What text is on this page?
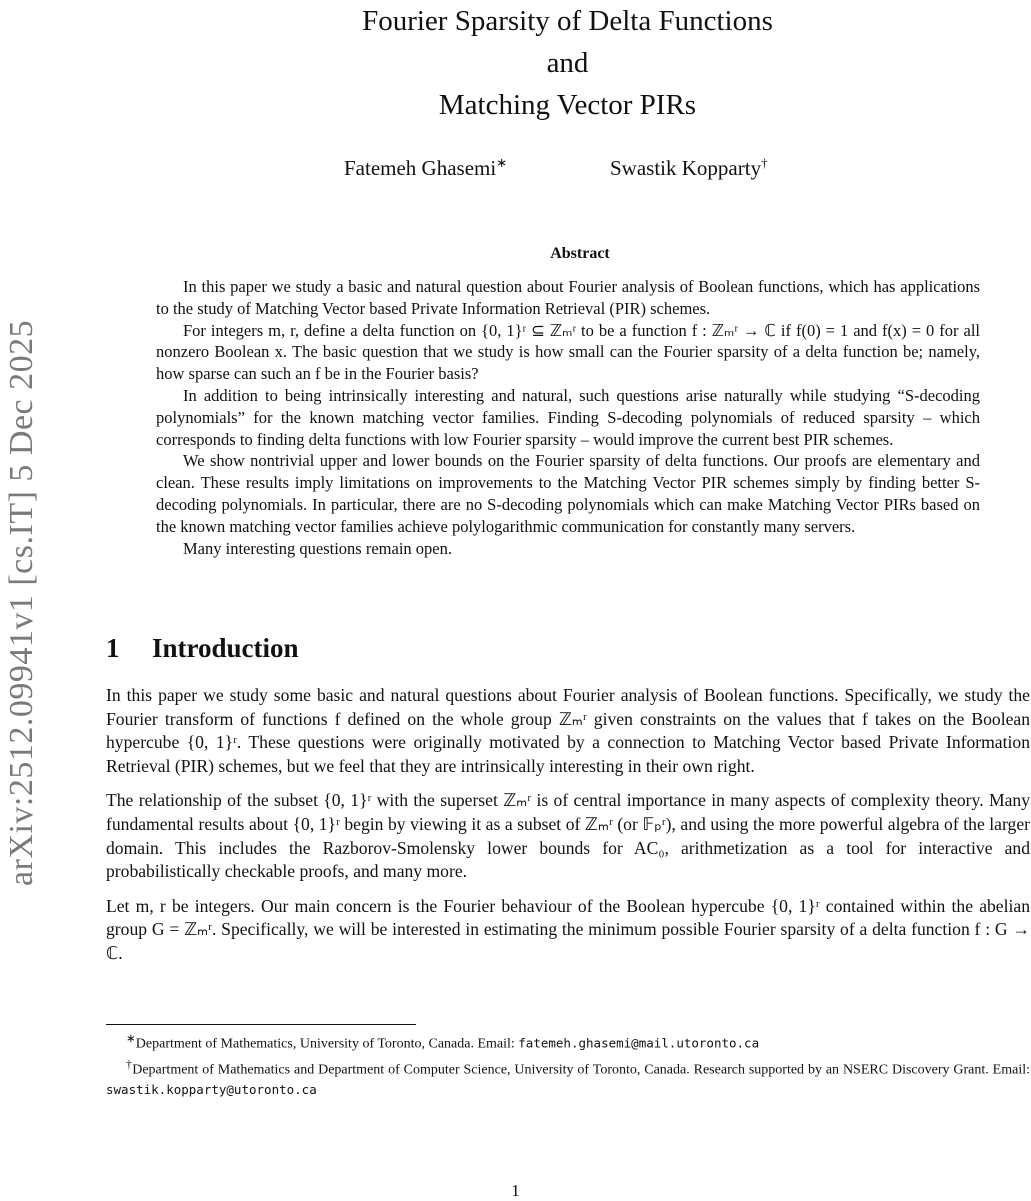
arXiv:2512.09941v1 [cs.IT] 5 Dec 2025
Fourier Sparsity of Delta Functions
and
Matching Vector PIRs
Fatemeh Ghasemi∗	Swastik Kopparty†
Abstract

In this paper we study a basic and natural question about Fourier analysis of Boolean functions, which has applications to the study of Matching Vector based Private Information Retrieval (PIR) schemes.

For integers m, r, define a delta function on {0, 1}ʳ ⊆ ℤₘʳ to be a function f : ℤₘʳ → ℂ if f(0) = 1 and f(x) = 0 for all nonzero Boolean x. The basic question that we study is how small can the Fourier sparsity of a delta function be; namely, how sparse can such an f be in the Fourier basis?

In addition to being intrinsically interesting and natural, such questions arise naturally while studying “S-decoding polynomials” for the known matching vector families. Finding S-decoding polynomials of reduced sparsity – which corresponds to finding delta functions with low Fourier sparsity – would improve the current best PIR schemes.

We show nontrivial upper and lower bounds on the Fourier sparsity of delta functions. Our proofs are elementary and clean. These results imply limitations on improvements to the Matching Vector PIR schemes simply by finding better S-decoding polynomials. In particular, there are no S-decoding polynomials which can make Matching Vector PIRs based on the known matching vector families achieve polylogarithmic communication for constantly many servers.

Many interesting questions remain open.

1 Introduction

In this paper we study some basic and natural questions about Fourier analysis of Boolean functions. Specifically, we study the Fourier transform of functions f defined on the whole group ℤₘʳ given constraints on the values that f takes on the Boolean hypercube {0, 1}ʳ. These questions were originally motivated by a connection to Matching Vector based Private Information Retrieval (PIR) schemes, but we feel that they are intrinsically interesting in their own right.

The relationship of the subset {0, 1}ʳ with the superset ℤₘʳ is of central importance in many aspects of complexity theory. Many fundamental results about {0, 1}ʳ begin by viewing it as a subset of ℤₘʳ (or 𝔽ₚʳ), and using the more powerful algebra of the larger domain. This includes the Razborov-Smolensky lower bounds for AC₀, arithmetization as a tool for interactive and probabilistically checkable proofs, and many more.

Let m, r be integers. Our main concern is the Fourier behaviour of the Boolean hypercube {0, 1}ʳ contained within the abelian group G = ℤₘʳ. Specifically, we will be interested in estimating the minimum possible Fourier sparsity of a delta function f : G → ℂ.

∗Department of Mathematics, University of Toronto, Canada. Email: fatemeh.ghasemi@mail.utoronto.ca

†Department of Mathematics and Department of Computer Science, University of Toronto, Canada. Research supported by an NSERC Discovery Grant. Email: swastik.kopparty@utoronto.ca

1
